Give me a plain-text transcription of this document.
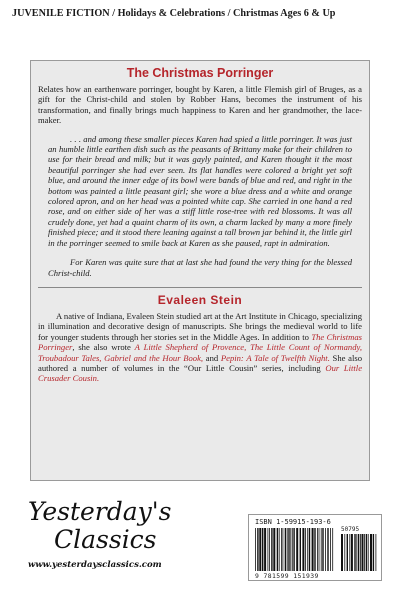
JUVENILE FICTION / Holidays & Celebrations / Christmas Ages 6 & Up
The Christmas Porringer

Relates how an earthenware porringer, bought by Karen, a little Flemish girl of Bruges, as a gift for the Christ-child and stolen by Robber Hans, becomes the instrument of his transformation, and finally brings much happiness to Karen and her grandmother, the lace-maker.

. . . and among these smaller pieces Karen had spied a little porringer. It was just an humble little earthen dish such as the peasants of Brittany make for their children to use for their bread and milk; but it was gayly painted, and Karen thought it the most beautiful porringer she had ever seen. Its flat handles were colored a bright yet soft blue, and around the inner edge of its bowl were bands of blue and red, and right in the bottom was painted a little peasant girl; she wore a blue dress and a white and orange colored apron, and on her head was a pointed white cap. She carried in one hand a red rose, and on either side of her was a stiff little rose-tree with red blossoms. It was all crudely done, yet had a quaint charm of its own, a charm lacked by many a more finely finished piece; and it stood there leaning against a tall brown jar behind it, the little girl in the porringer seemed to smile back at Karen as she paused, rapt in admiration.

For Karen was quite sure that at last she had found the very thing for the blessed Christ-child.

Evaleen Stein

A native of Indiana, Evaleen Stein studied art at the Art Institute in Chicago, specializing in illumination and decorative design of manuscripts. She brings the medieval world to life for younger students through her stories set in the Middle Ages. In addition to The Christmas Porringer, she also wrote A Little Shepherd of Provence, The Little Count of Normandy, Troubadour Tales, Gabriel and the Hour Book, and Pepin: A Tale of Twelfth Night. She also authored a number of volumes in the “Our Little Cousin” series, including Our Little Crusader Cousin.

Yesterday's
Classics
www.yesterdaysclassics.com
ISBN 1-59915-193-6
50795
9 781599 151939
